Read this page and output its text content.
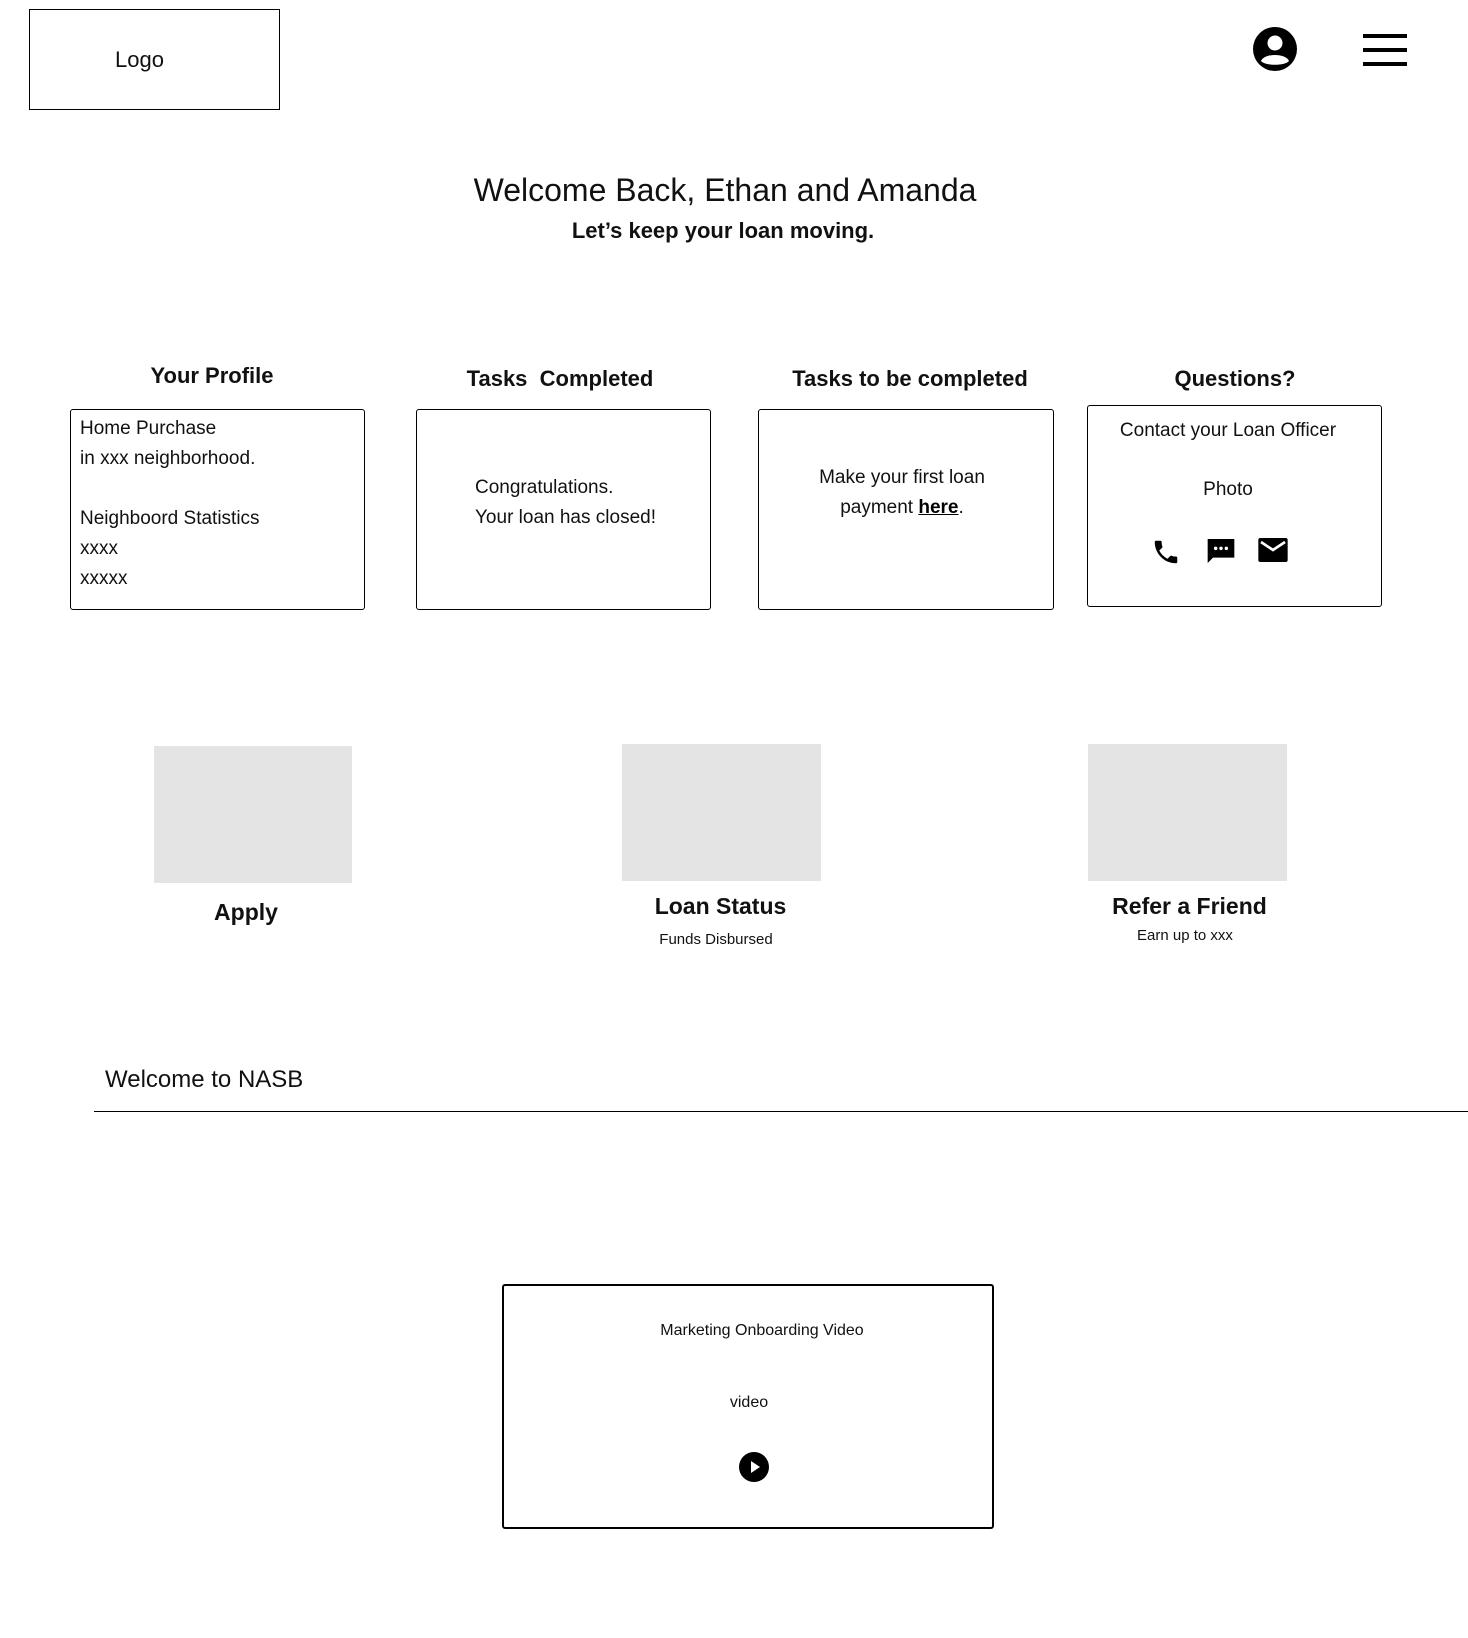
Logo
Welcome Back, Ethan and Amanda

Let’s keep your loan moving.

Your Profile	Tasks  Completed	Tasks to be completed	Questions?
Home Purchase
in xxx neighborhood.
Neighboord Statistics
xxxx
xxxxx
Congratulations.
Your loan has closed!
Make your first loan
payment here.
Contact your Loan Officer
Photo
Apply	Loan Status
Funds Disbursed
Refer a Friend
Earn up to xxx
Welcome to NASB
Marketing Onboarding Video
video
